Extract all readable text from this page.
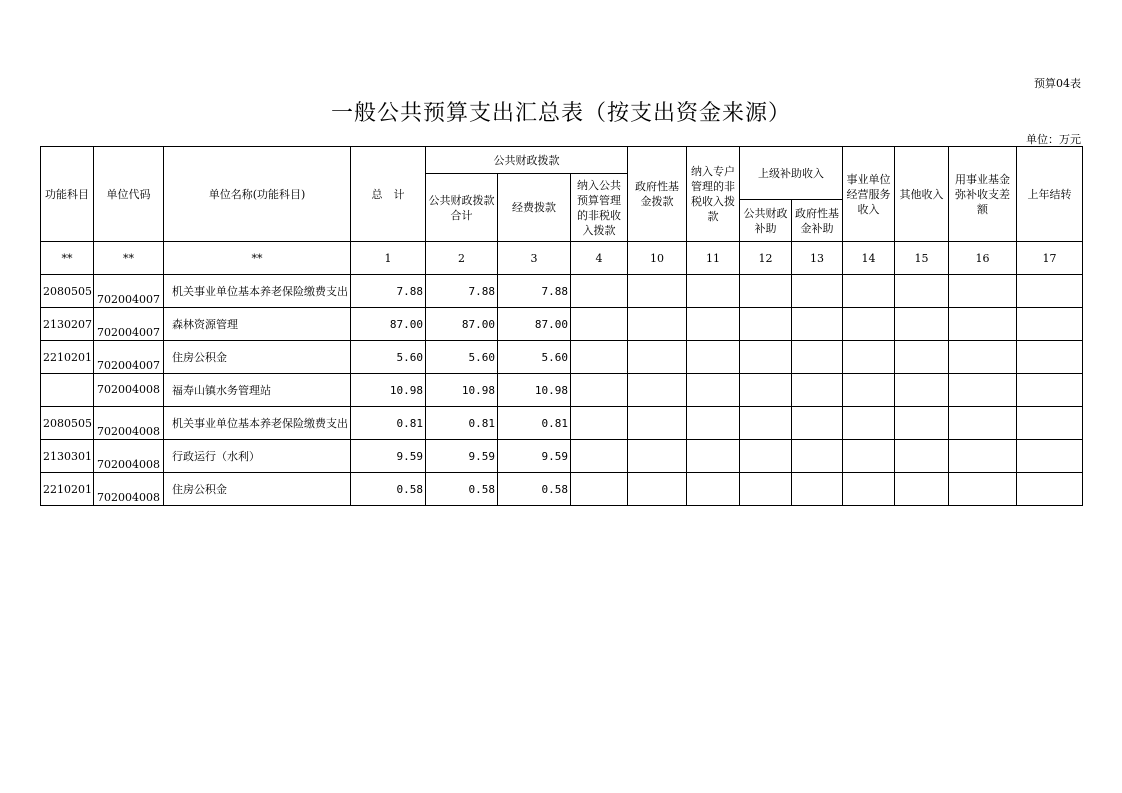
预算04表
一般公共预算支出汇总表（按支出资金来源）
单位：万元
功能科目	单位代码	单位名称(功能科目)	总　计	公共财政拨款			政府性基金拨款	纳入专户管理的非税收入拨款	上级补助收入		事业单位经营服务收入	其他收入	用事业基金弥补收支差额	上年结转
				公共财政拨款合计	经费拨款	纳入公共预算管理的非税收入拨款								
									公共财政补助	政府性基金补助				
**	**	**	1	2	3	4	10	11	12	13	14	15	16	17
2080505	702004007	机关事业单位基本养老保险缴费支出	7.88	7.88	7.88									
2130207	702004007	森林资源管理	87.00	87.00	87.00									
2210201	702004007	住房公积金	5.60	5.60	5.60									
	702004008	福寿山镇水务管理站	10.98	10.98	10.98									
2080505	702004008	机关事业单位基本养老保险缴费支出	0.81	0.81	0.81									
2130301	702004008	行政运行（水利）	9.59	9.59	9.59									
2210201	702004008	住房公积金	0.58	0.58	0.58									
